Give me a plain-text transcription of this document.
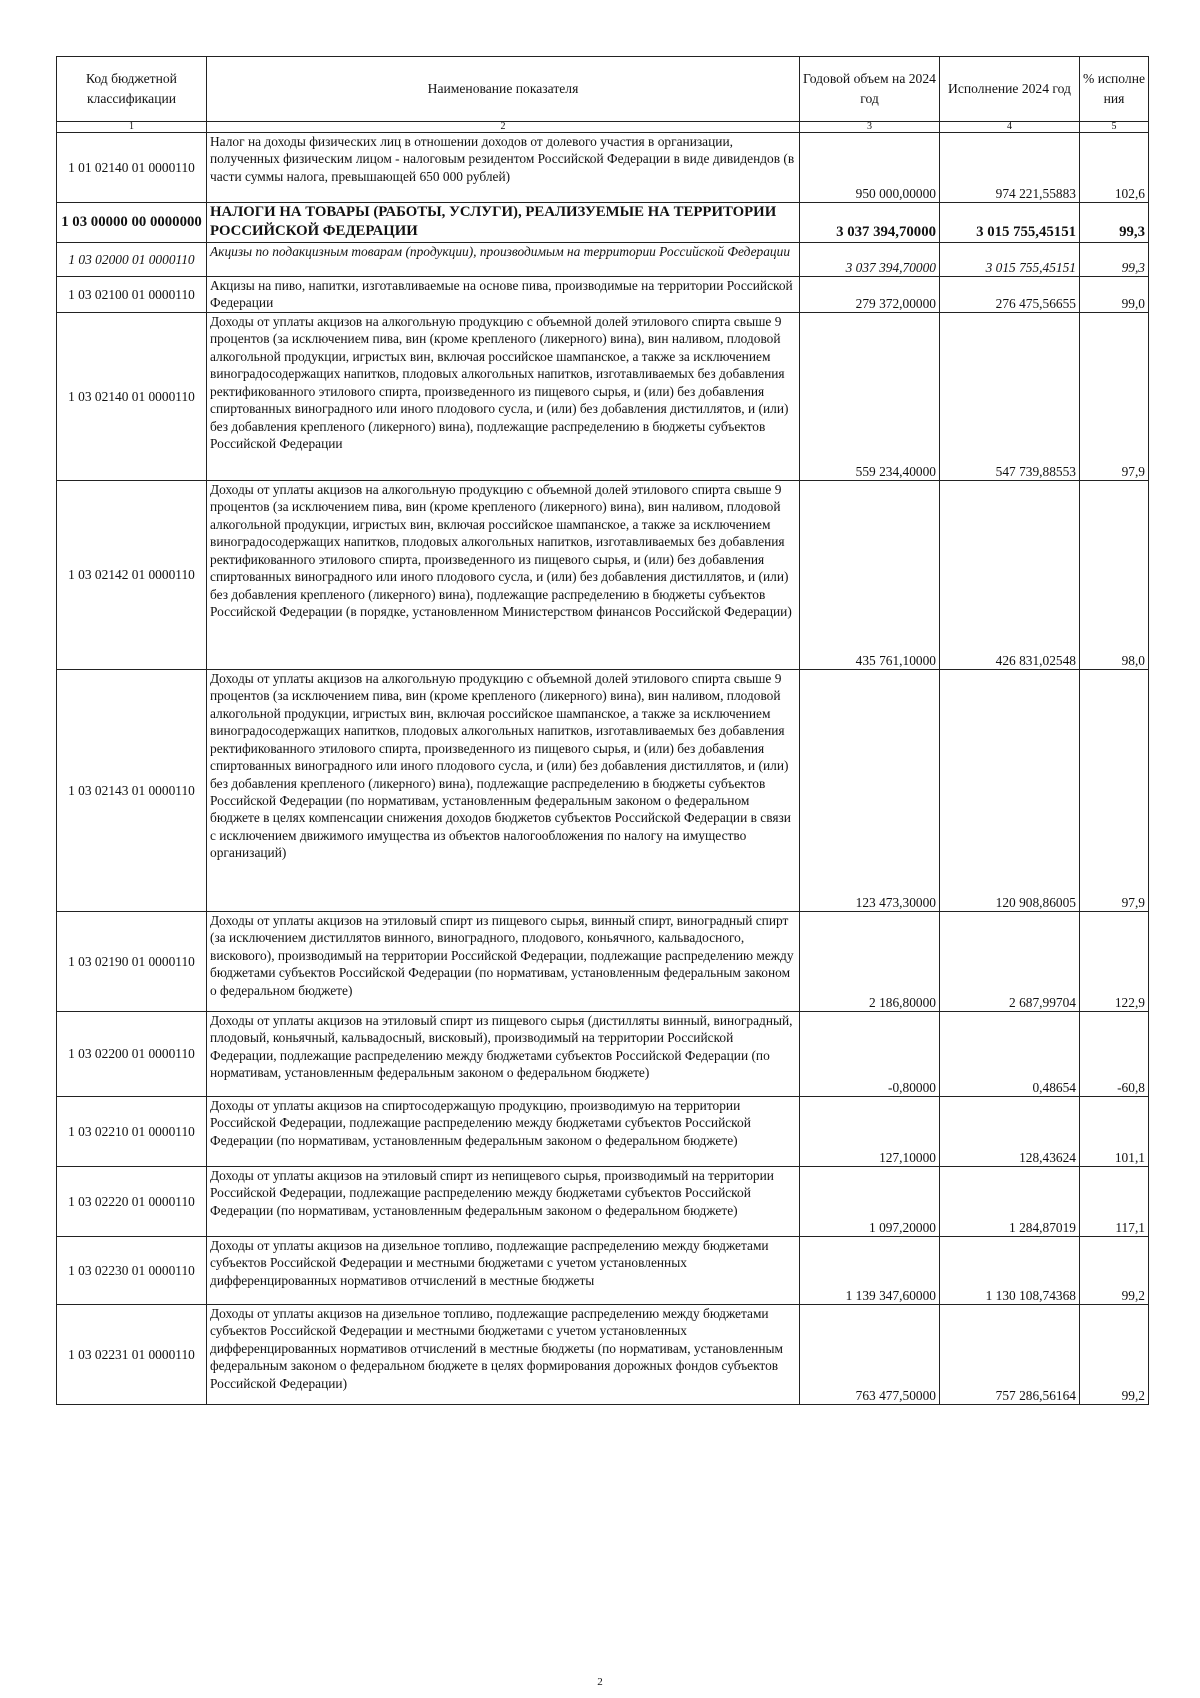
Код бюджетной классификации	Наименование показателя	Годовой объем на 2024 год	Исполнение 2024 год	% исполне ния
1	2	3	4	5
1 01 02140 01 0000110	Налог на доходы физических лиц в отношении доходов от долевого участия в организации, полученных физическим лицом - налоговым резидентом Российской Федерации в виде дивидендов (в части суммы налога, превышающей 650 000 рублей)	950 000,00000	974 221,55883	102,6
1 03 00000 00 0000000	НАЛОГИ НА ТОВАРЫ (РАБОТЫ, УСЛУГИ), РЕАЛИЗУЕМЫЕ НА ТЕРРИТОРИИ РОССИЙСКОЙ ФЕДЕРАЦИИ	3 037 394,70000	3 015 755,45151	99,3
1 03 02000 01 0000110	Акцизы по подакцизным товарам (продукции), производимым на территории Российской Федерации	3 037 394,70000	3 015 755,45151	99,3
1 03 02100 01 0000110	Акцизы на пиво, напитки, изготавливаемые на основе пива, производимые на территории Российской Федерации	279 372,00000	276 475,56655	99,0
1 03 02140 01 0000110	Доходы от уплаты акцизов на алкогольную продукцию с объемной долей этилового спирта свыше 9 процентов (за исключением пива, вин (кроме крепленого (ликерного) вина), вин наливом, плодовой алкогольной продукции, игристых вин, включая российское шампанское, а также за исключением виноградосодержащих напитков, плодовых алкогольных напитков, изготавливаемых без добавления ректификованного этилового спирта, произведенного из пищевого сырья, и (или) без добавления спиртованных виноградного или иного плодового сусла, и (или) без добавления дистиллятов, и (или) без добавления крепленого (ликерного) вина), подлежащие распределению в бюджеты субъектов Российской Федерации	559 234,40000	547 739,88553	97,9
1 03 02142 01 0000110	Доходы от уплаты акцизов на алкогольную продукцию с объемной долей этилового спирта свыше 9 процентов (за исключением пива, вин (кроме крепленого (ликерного) вина), вин наливом, плодовой алкогольной продукции, игристых вин, включая российское шампанское, а также за исключением виноградосодержащих напитков, плодовых алкогольных напитков, изготавливаемых без добавления ректификованного этилового спирта, произведенного из пищевого сырья, и (или) без добавления спиртованных виноградного или иного плодового сусла, и (или) без добавления дистиллятов, и (или) без добавления крепленого (ликерного) вина), подлежащие распределению в бюджеты субъектов Российской Федерации (в порядке, установленном Министерством финансов Российской Федерации)	435 761,10000	426 831,02548	98,0
1 03 02143 01 0000110	Доходы от уплаты акцизов на алкогольную продукцию с объемной долей этилового спирта свыше 9 процентов (за исключением пива, вин (кроме крепленого (ликерного) вина), вин наливом, плодовой алкогольной продукции, игристых вин, включая российское шампанское, а также за исключением виноградосодержащих напитков, плодовых алкогольных напитков, изготавливаемых без добавления ректификованного этилового спирта, произведенного из пищевого сырья, и (или) без добавления спиртованных виноградного или иного плодового сусла, и (или) без добавления дистиллятов, и (или) без добавления крепленого (ликерного) вина), подлежащие распределению в бюджеты субъектов Российской Федерации (по нормативам, установленным федеральным законом о федеральном бюджете в целях компенсации снижения доходов бюджетов субъектов Российской Федерации в связи с исключением движимого имущества из объектов налогообложения по налогу на имущество организаций)	123 473,30000	120 908,86005	97,9
1 03 02190 01 0000110	Доходы от уплаты акцизов на этиловый спирт из пищевого сырья, винный спирт, виноградный спирт (за исключением дистиллятов винного, виноградного, плодового, коньячного, кальвадосного, вискового), производимый на территории Российской Федерации, подлежащие распределению между бюджетами субъектов Российской Федерации (по нормативам, установленным федеральным законом о федеральном бюджете)	2 186,80000	2 687,99704	122,9
1 03 02200 01 0000110	Доходы от уплаты акцизов на этиловый спирт из пищевого сырья (дистилляты винный, виноградный, плодовый, коньячный, кальвадосный, висковый), производимый на территории Российской Федерации, подлежащие распределению между бюджетами субъектов Российской Федерации (по нормативам, установленным федеральным законом о федеральном бюджете)	-0,80000	0,48654	-60,8
1 03 02210 01 0000110	Доходы от уплаты акцизов на спиртосодержащую продукцию, производимую на территории Российской Федерации, подлежащие распределению между бюджетами субъектов Российской Федерации (по нормативам, установленным федеральным законом о федеральном бюджете)	127,10000	128,43624	101,1
1 03 02220 01 0000110	Доходы от уплаты акцизов на этиловый спирт из непищевого сырья, производимый на территории Российской Федерации, подлежащие распределению между бюджетами субъектов Российской Федерации (по нормативам, установленным федеральным законом о федеральном бюджете)	1 097,20000	1 284,87019	117,1
1 03 02230 01 0000110	Доходы от уплаты акцизов на дизельное топливо, подлежащие распределению между бюджетами субъектов Российской Федерации и местными бюджетами с учетом установленных дифференцированных нормативов отчислений в местные бюджеты	1 139 347,60000	1 130 108,74368	99,2
1 03 02231 01 0000110	Доходы от уплаты акцизов на дизельное топливо, подлежащие распределению между бюджетами субъектов Российской Федерации и местными бюджетами с учетом установленных дифференцированных нормативов отчислений в местные бюджеты (по нормативам, установленным федеральным законом о федеральном бюджете в целях формирования дорожных фондов субъектов Российской Федерации)	763 477,50000	757 286,56164	99,2
2
